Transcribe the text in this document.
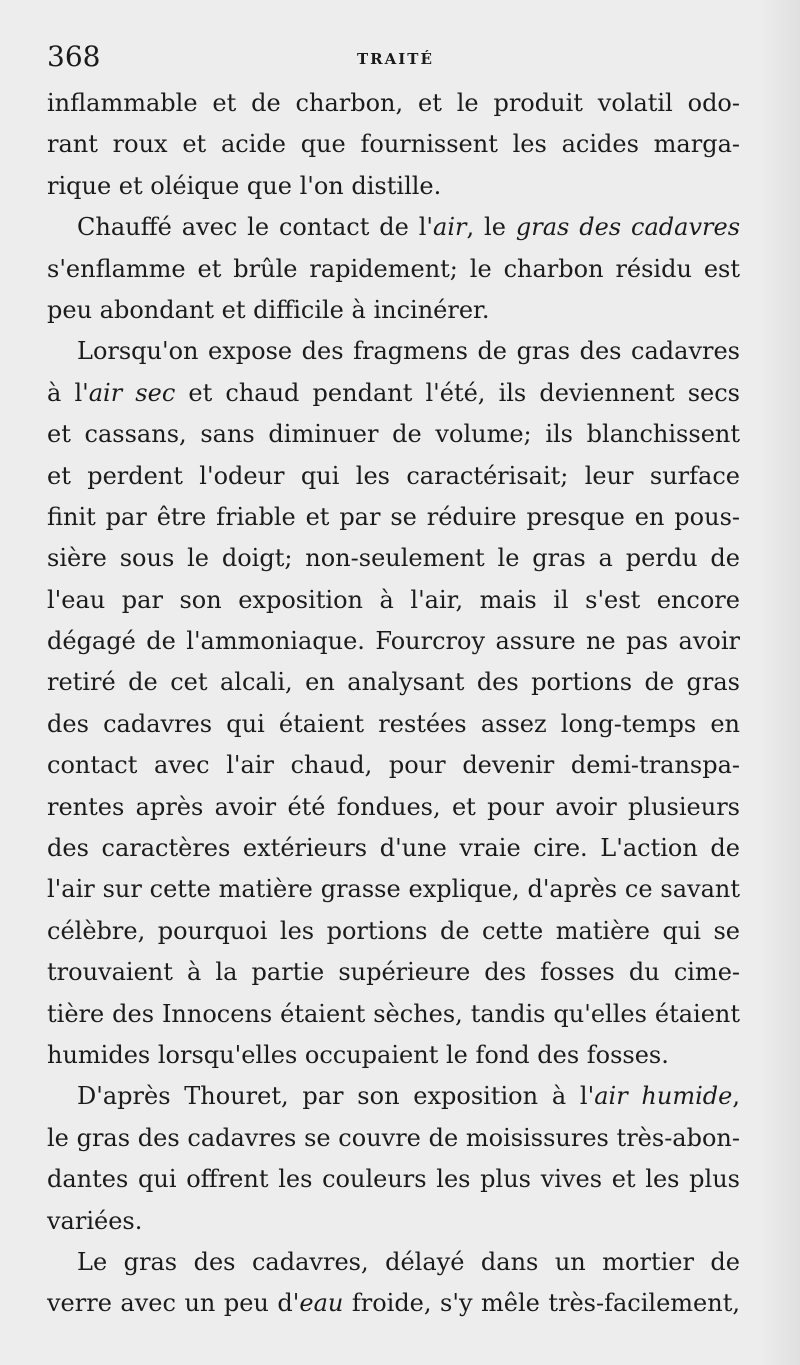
368	TRAITÉ
inflammable et de charbon, et le produit volatil odo-
rant roux et acide que fournissent les acides marga-
rique et oléique que l'on distille.
Chauffé avec le contact de l'air, le gras des cadavres
s'enflamme et brûle rapidement; le charbon résidu est
peu abondant et difficile à incinérer.
Lorsqu'on expose des fragmens de gras des cadavres
à l'air sec et chaud pendant l'été, ils deviennent secs
et cassans, sans diminuer de volume; ils blanchissent
et perdent l'odeur qui les caractérisait; leur surface
finit par être friable et par se réduire presque en pous-
sière sous le doigt; non-seulement le gras a perdu de
l'eau par son exposition à l'air, mais il s'est encore
dégagé de l'ammoniaque. Fourcroy assure ne pas avoir
retiré de cet alcali, en analysant des portions de gras
des cadavres qui étaient restées assez long-temps en
contact avec l'air chaud, pour devenir demi-transpa-
rentes après avoir été fondues, et pour avoir plusieurs
des caractères extérieurs d'une vraie cire. L'action de
l'air sur cette matière grasse explique, d'après ce savant
célèbre, pourquoi les portions de cette matière qui se
trouvaient à la partie supérieure des fosses du cime-
tière des Innocens étaient sèches, tandis qu'elles étaient
humides lorsqu'elles occupaient le fond des fosses.
D'après Thouret, par son exposition à l'air humide,
le gras des cadavres se couvre de moisissures très-abon-
dantes qui offrent les couleurs les plus vives et les plus
variées.
Le gras des cadavres, délayé dans un mortier de
verre avec un peu d'eau froide, s'y mêle très-facilement,
